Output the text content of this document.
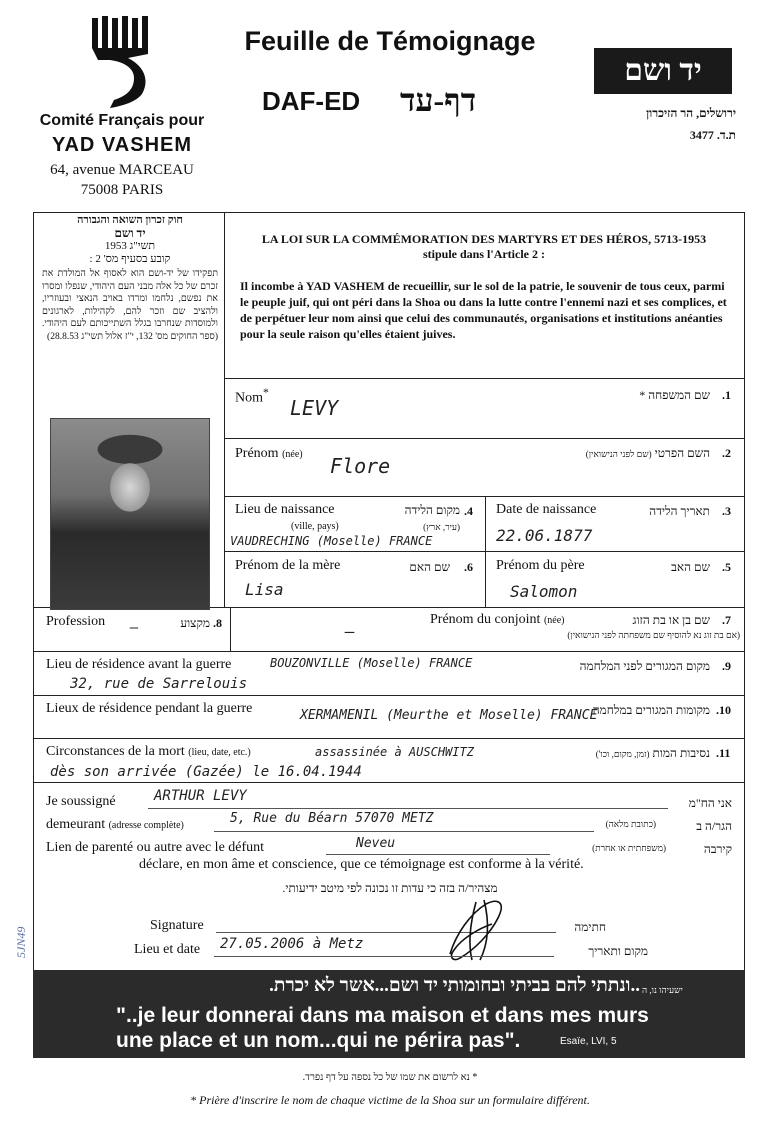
Comité Français pour
YAD VASHEM
64, avenue MARCEAU
75008 PARIS
Feuille de Témoignage
DAF-ED דף-עד
יד ושם
ירושלים, הר הזיכרון
ת.ד. 3477
חוק זכרון השואה והגבורה
יד ושם
תשי"ג 1953
קובע בסעיף מס' 2 :
תפקידו של יד-ושם הוא לאסוף אל המולדת את זכרם של כל אלה מבני העם היהודי, שנפלו ומסרו את נפשם, נלחמו ומרדו באויב הנאצי ובעוזריו, ולהציב שם וזכר להם, לקהילות, לארגונים ולמוסדות שנחרבו בגלל השתייכותם לעם היהודי. (ספר החוקים מס' 132, י"ז אלול תשי"ג 28.8.53)
LA LOI SUR LA COMMÉMORATION DES MARTYRS ET DES HÉROS, 5713-1953
stipule dans l'Article 2 :
Il incombe à YAD VASHEM de recueillir, sur le sol de la patrie, le souvenir de tous ceux, parmi le peuple juif, qui ont péri dans la Shoa ou dans la lutte contre l'ennemi nazi et ses complices, et de perpétuer leur nom ainsi que celui des communautés, organisations et institutions anéanties pour la seule raison qu'elles étaient juives.
Nom*	שם המשפחה * .1
LEVY
Prénom (née)	השם הפרטי (שם לפני הנישואין)	.2
Flore
Date de naissance	תאריך הלידה .3
22.06.1877
Lieu de naissance
(ville, pays)
מקום הלידה
(עיר, ארץ)
.4
VAUDRECHING (Moselle) FRANCE
Prénom du père	שם האב .5
Salomon
Prénom de la mère	שם האם .6
Lisa
Prénom du conjoint (née)	שם בן או בת הזוג
(אם בת זוג נא להוסיף שם משפחתה לפני הנישואין)
.7
—
Profession	מקצוע .8
—
Lieu de résidence avant la guerre	מקום המגורים לפני המלחמה .9
BOUZONVILLE (Moselle) FRANCE
32, rue de Sarrelouis
Lieux de résidence pendant la guerre	מקומות המגורים במלחמה .10
XERMAMENIL (Meurthe et Moselle) FRANCE
Circonstances de la mort (lieu, date, etc.)	נסיבות המות (זמן, מקום, וכו')	.11
assassinée à AUSCHWITZ
dès son arrivée (Gazée) le 16.04.1944
Je soussigné	ARTHUR LEVY	אני הח"מ
demeurant (adresse complète)	5, Rue du Béarn 57070 METZ	(כתובת מלאה)	הגר/ה ב
Lien de parenté ou autre avec le défunt	Neveu	(משפחתית או אחרת)	קירבה
déclare, en mon âme et conscience, que ce témoignage est conforme à la vérité.
מצהיר/ה בזה כי עדות זו נכונה לפי מיטב ידיעותי.
Signature	חתימה
Lieu et date 27.05.2006 à Metz	מקום ותאריך
..ונתתי להם בביתי ובחומותי יד ושם...אשר לא יכרת. ישעיהו נו, ה
"..je leur donnerai dans ma maison et dans mes murs
une place et un nom...qui ne périra pas".	Esaïe, LVI, 5
* נא לרשום את שמו של כל נספה על דף נפרד.
* Prière d'inscrire le nom de chaque victime de la Shoa sur un formulaire différent.
5JN49
